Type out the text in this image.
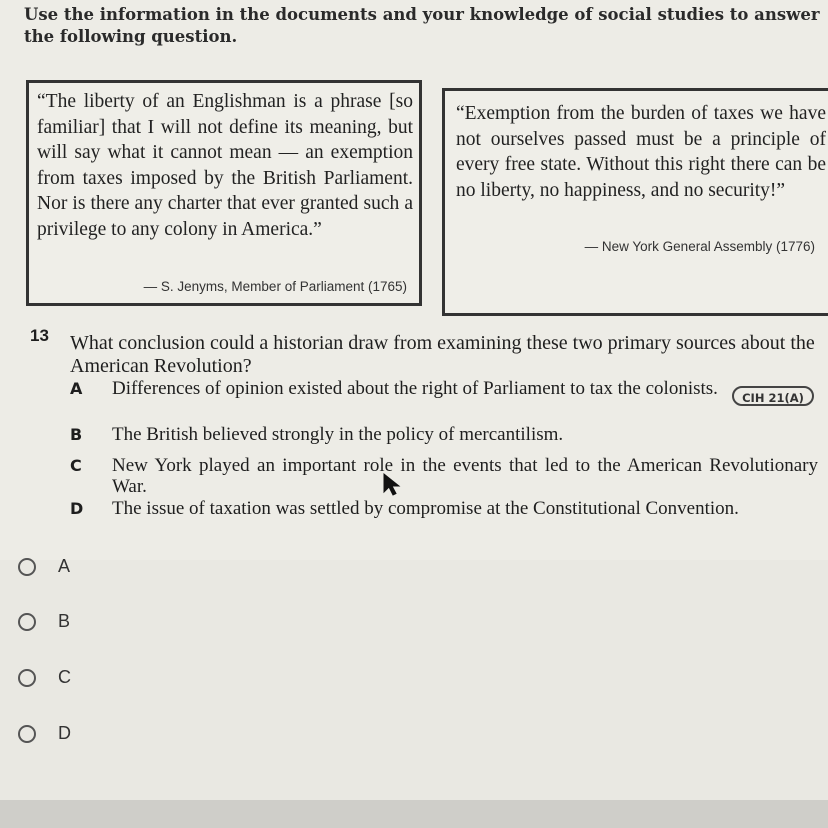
Use the information in the documents and your knowledge of social studies to answer the following question.
“The liberty of an Englishman is a phrase [so familiar] that I will not define its meaning, but will say what it cannot mean — an exemption from taxes imposed by the British Parliament. Nor is there any charter that ever granted such a privilege to any colony in America.”
— S. Jenyms, Member of Parliament (1765)
“Exemption from the burden of taxes we have not ourselves passed must be a principle of every free state. Without this right there can be no liberty, no happiness, and no security!”
— New York General Assembly (1776)
13 What conclusion could a historian draw from examining these two primary sources about the American Revolution?
A	Differences of opinion existed about the right of Parliament to tax the colonists.	CIH 21(A)
B	The British believed strongly in the policy of mercantilism.
C	New York played an important role in the events that led to the American Revolutionary War.
D	The issue of taxation was settled by compromise at the Constitutional Convention.
A
B
C
D
